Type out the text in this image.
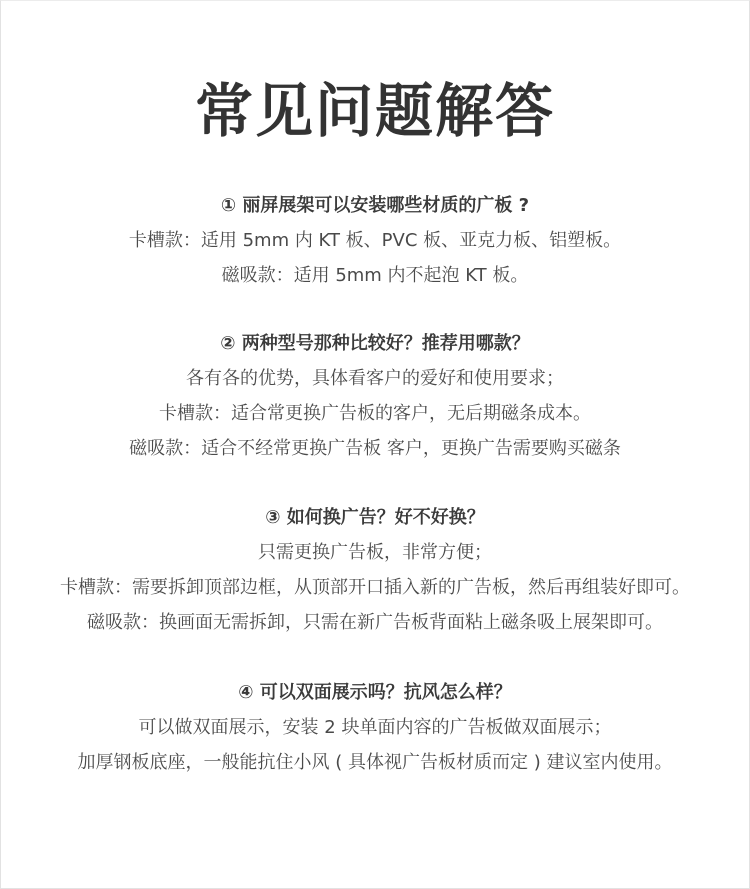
常见问题解答
① 丽屏展架可以安装哪些材质的广板 ?
卡槽款：适用 5mm 内 KT 板、PVC 板、亚克力板、铝塑板。
磁吸款：适用 5mm 内不起泡 KT 板。
② 两种型号那种比较好？推荐用哪款？
各有各的优势，具体看客户的爱好和使用要求；
卡槽款：适合常更换广告板的客户，无后期磁条成本。
磁吸款：适合不经常更换广告板 客户，更换广告需要购买磁条
③ 如何换广告？好不好换？
只需更换广告板，非常方便；
卡槽款：需要拆卸顶部边框，从顶部开口插入新的广告板，然后再组装好即可。
磁吸款：换画面无需拆卸，只需在新广告板背面粘上磁条吸上展架即可。
④ 可以双面展示吗？抗风怎么样？
可以做双面展示，安装 2 块单面内容的广告板做双面展示；
加厚钢板底座，一般能抗住小风 ( 具体视广告板材质而定 ) 建议室内使用。
